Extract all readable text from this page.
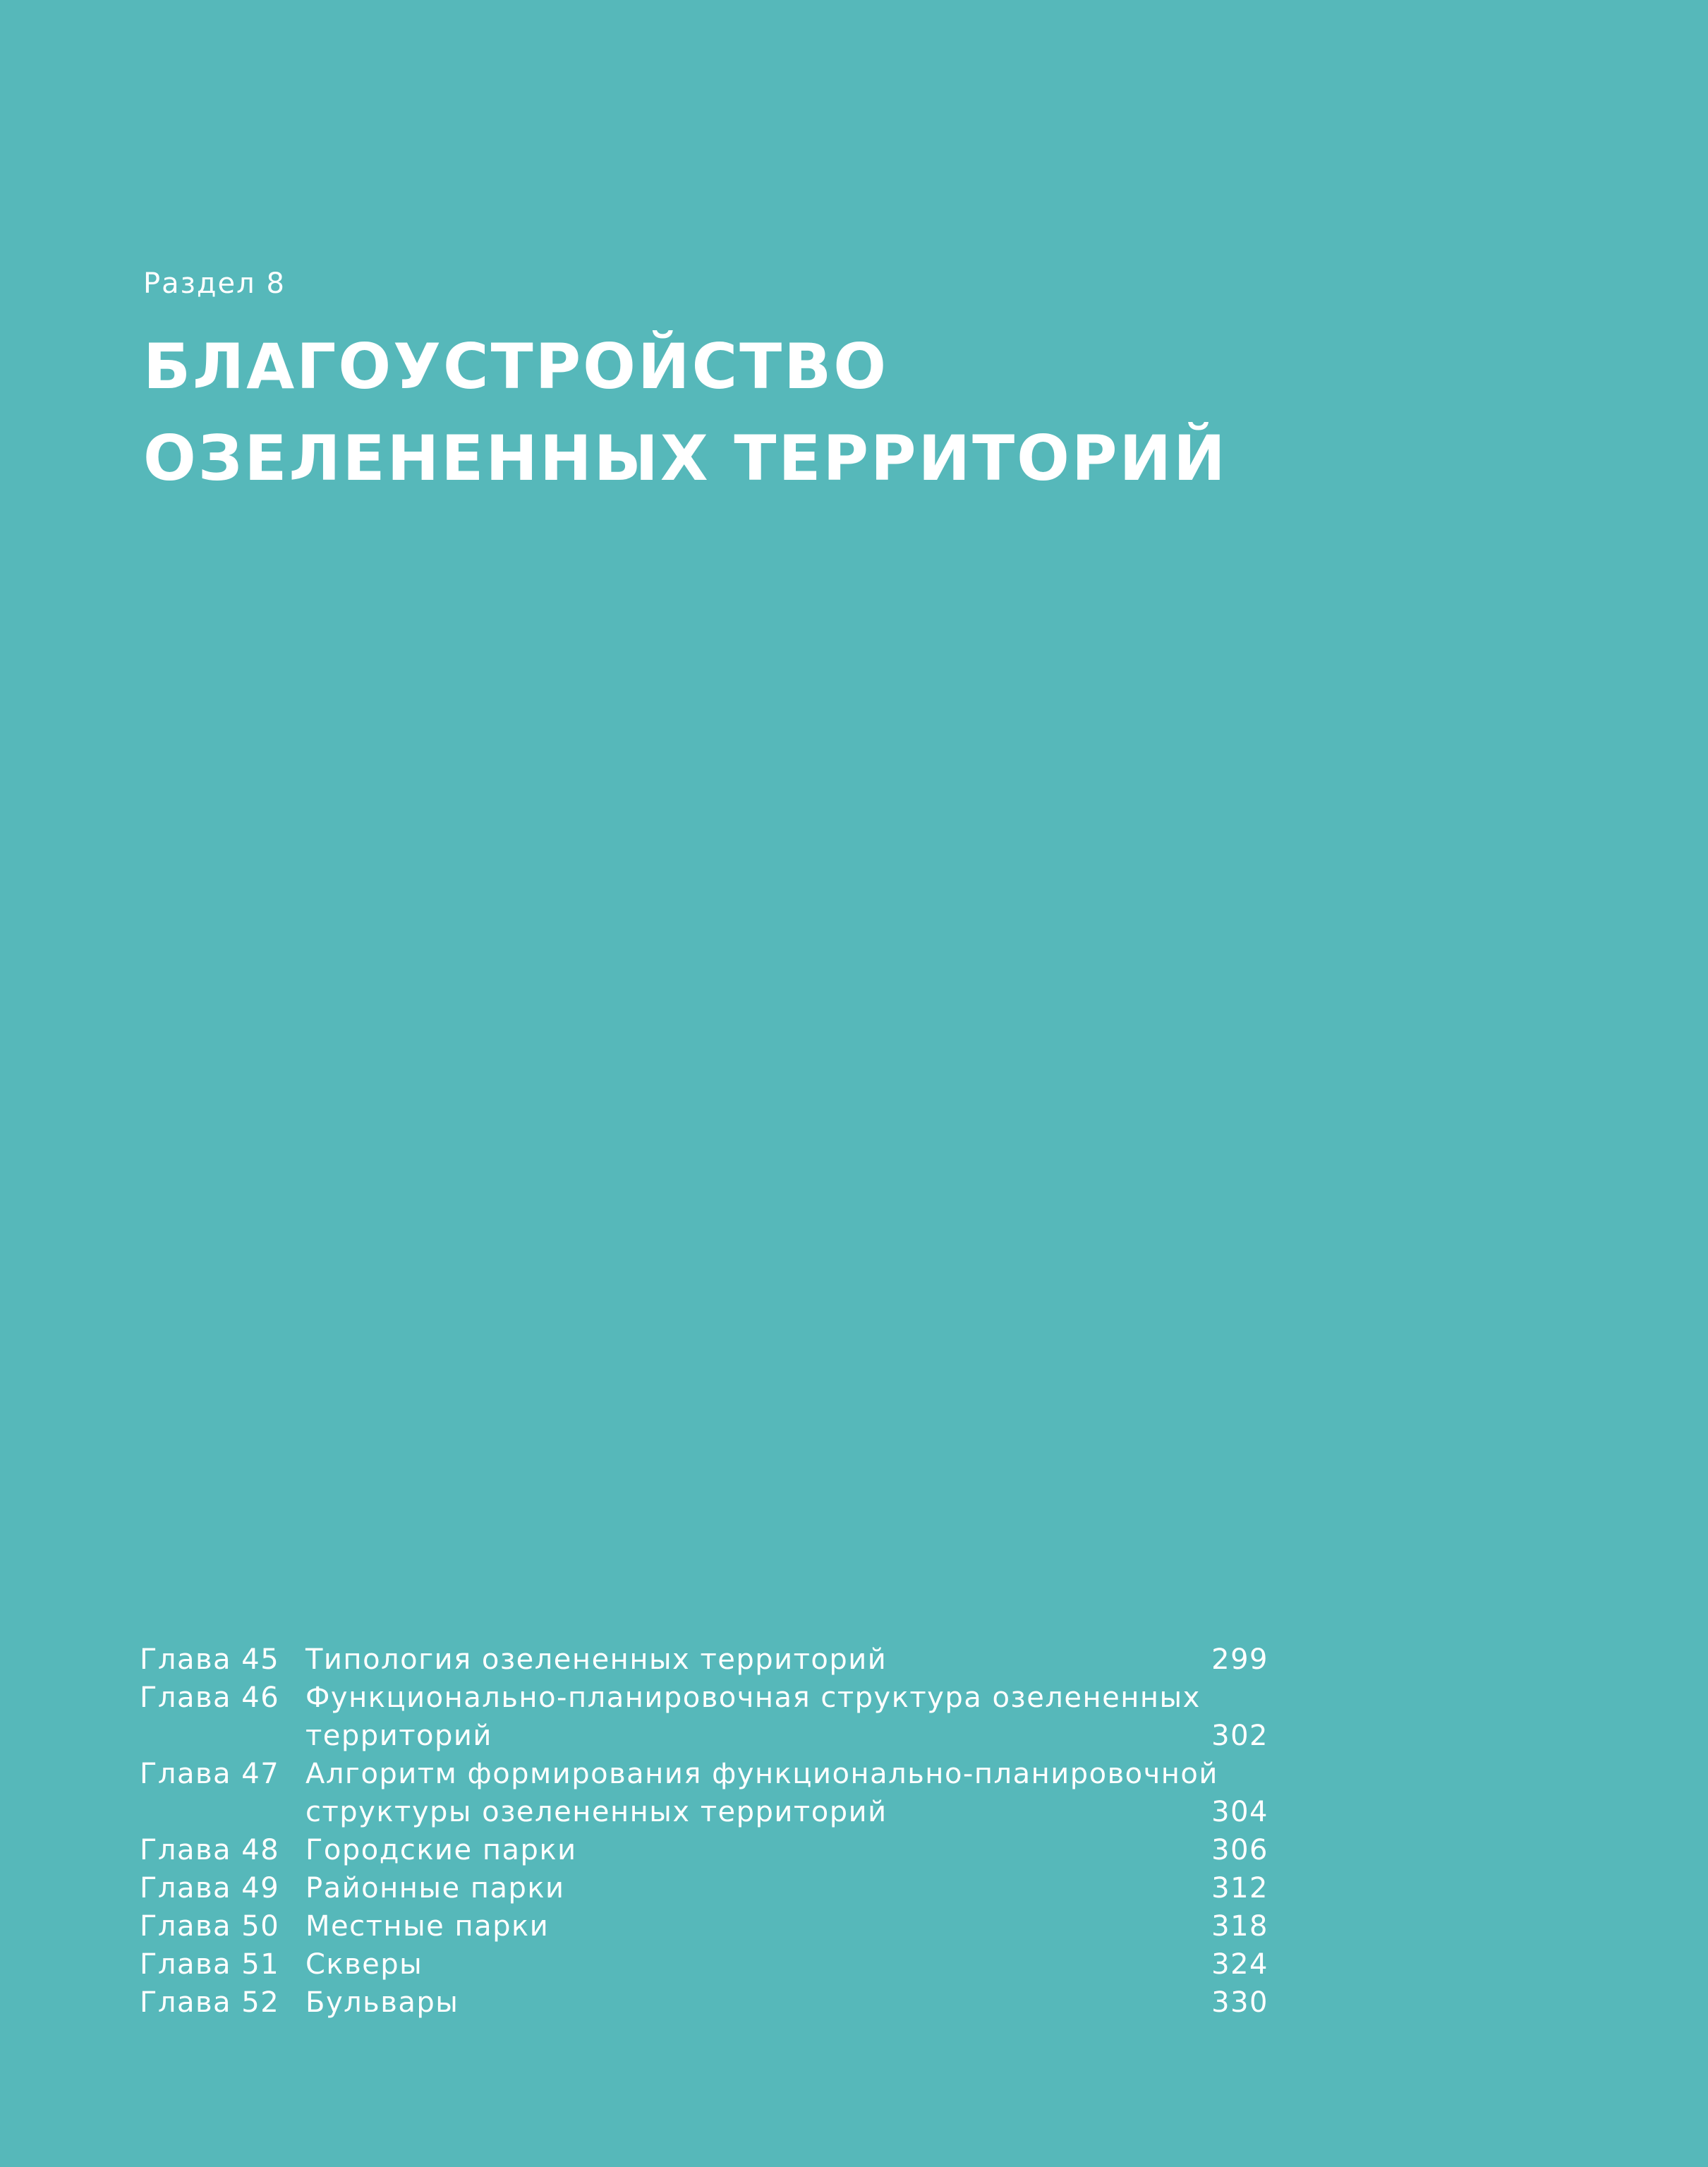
Раздел 8
БЛАГОУСТРОЙСТВО
ОЗЕЛЕНЕННЫХ ТЕРРИТОРИЙ
Глава 45 Типология озелененных территорий	299
Глава 46 Функционально-планировочная структура озелененных
территорий	302
Глава 47 Алгоритм формирования функционально-планировочной
структуры озелененных территорий	304
Глава 48 Городские парки	306
Глава 49 Районные парки	312
Глава 50 Местные парки	318
Глава 51 Скверы	324
Глава 52 Бульвары	330
